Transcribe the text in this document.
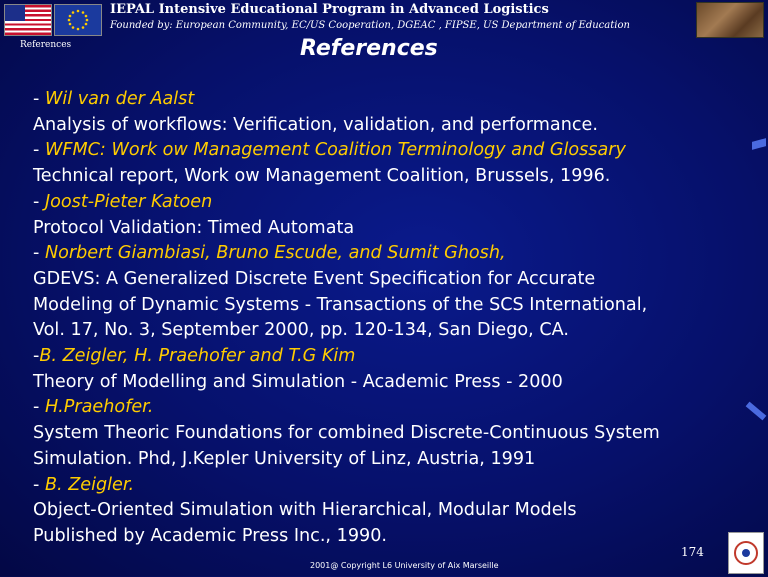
IEPAL Intensive Educational Program in Advanced Logistics
Founded by: European Community, EC/US Cooperation, DGEAC , FIPSE, US Department of Education
References	References
- Wil van der Aalst
Analysis of workflows: Verification, validation, and performance.
- WFMC: Work ow Management Coalition Terminology and Glossary
Technical report, Work ow Management Coalition, Brussels, 1996.
- Joost-Pieter Katoen
Protocol Validation: Timed Automata
- Norbert Giambiasi, Bruno Escude, and Sumit Ghosh,
GDEVS: A Generalized Discrete Event Specification for Accurate
Modeling of Dynamic Systems - Transactions of the SCS International,
Vol. 17, No. 3, September 2000, pp. 120-134, San Diego, CA.
-B. Zeigler, H. Praehofer and T.G Kim
Theory of Modelling and Simulation - Academic Press - 2000
- H.Praehofer.
System Theoric Foundations for combined Discrete-Continuous System
Simulation. Phd, J.Kepler University of Linz, Austria, 1991
- B. Zeigler.
Object-Oriented Simulation with Hierarchical, Modular Models
Published by Academic Press Inc., 1990.
174
2001@ Copyright L6 University of Aix Marseille
